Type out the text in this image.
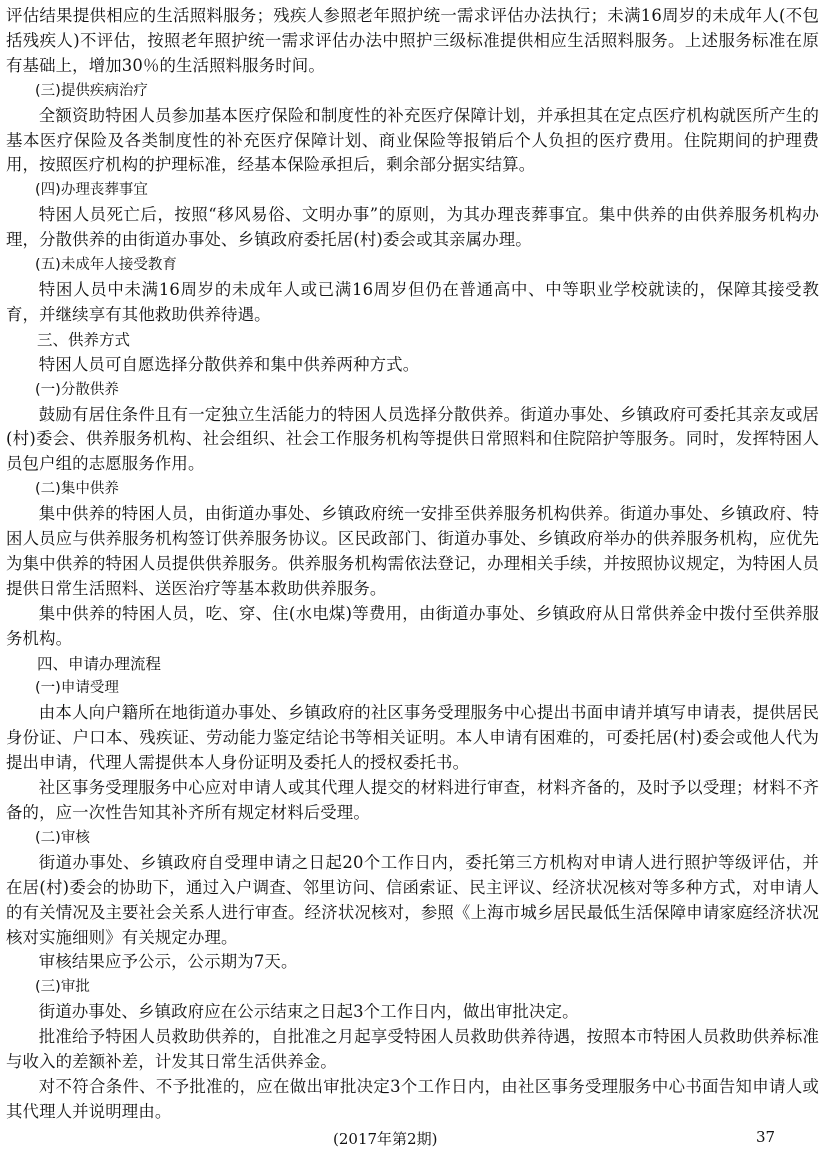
评估结果提供相应的生活照料服务；残疾人参照老年照护统一需求评估办法执行；未满16周岁的未成年人(不包括残疾人)不评估，按照老年照护统一需求评估办法中照护三级标准提供相应生活照料服务。上述服务标准在原有基础上，增加30％的生活照料服务时间。

(三)提供疾病治疗

全额资助特困人员参加基本医疗保险和制度性的补充医疗保障计划，并承担其在定点医疗机构就医所产生的基本医疗保险及各类制度性的补充医疗保障计划、商业保险等报销后个人负担的医疗费用。住院期间的护理费用，按照医疗机构的护理标准，经基本保险承担后，剩余部分据实结算。

(四)办理丧葬事宜

特困人员死亡后，按照“移风易俗、文明办事”的原则，为其办理丧葬事宜。集中供养的由供养服务机构办理，分散供养的由街道办事处、乡镇政府委托居(村)委会或其亲属办理。

(五)未成年人接受教育

特困人员中未满16周岁的未成年人或已满16周岁但仍在普通高中、中等职业学校就读的，保障其接受教育，并继续享有其他救助供养待遇。

三、供养方式

特困人员可自愿选择分散供养和集中供养两种方式。

(一)分散供养

鼓励有居住条件且有一定独立生活能力的特困人员选择分散供养。街道办事处、乡镇政府可委托其亲友或居(村)委会、供养服务机构、社会组织、社会工作服务机构等提供日常照料和住院陪护等服务。同时，发挥特困人员包户组的志愿服务作用。

(二)集中供养

集中供养的特困人员，由街道办事处、乡镇政府统一安排至供养服务机构供养。街道办事处、乡镇政府、特困人员应与供养服务机构签订供养服务协议。区民政部门、街道办事处、乡镇政府举办的供养服务机构，应优先为集中供养的特困人员提供供养服务。供养服务机构需依法登记，办理相关手续，并按照协议规定，为特困人员提供日常生活照料、送医治疗等基本救助供养服务。

集中供养的特困人员，吃、穿、住(水电煤)等费用，由街道办事处、乡镇政府从日常供养金中拨付至供养服务机构。

四、申请办理流程

(一)申请受理

由本人向户籍所在地街道办事处、乡镇政府的社区事务受理服务中心提出书面申请并填写申请表，提供居民身份证、户口本、残疾证、劳动能力鉴定结论书等相关证明。本人申请有困难的，可委托居(村)委会或他人代为提出申请，代理人需提供本人身份证明及委托人的授权委托书。

社区事务受理服务中心应对申请人或其代理人提交的材料进行审查，材料齐备的，及时予以受理；材料不齐备的，应一次性告知其补齐所有规定材料后受理。

(二)审核

街道办事处、乡镇政府自受理申请之日起20个工作日内，委托第三方机构对申请人进行照护等级评估，并在居(村)委会的协助下，通过入户调查、邻里访问、信函索证、民主评议、经济状况核对等多种方式，对申请人的有关情况及主要社会关系人进行审查。经济状况核对，参照《上海市城乡居民最低生活保障申请家庭经济状况核对实施细则》有关规定办理。

审核结果应予公示，公示期为7天。

(三)审批

街道办事处、乡镇政府应在公示结束之日起3个工作日内，做出审批决定。

批准给予特困人员救助供养的，自批准之月起享受特困人员救助供养待遇，按照本市特困人员救助供养标准与收入的差额补差，计发其日常生活供养金。

对不符合条件、不予批准的，应在做出审批决定3个工作日内，由社区事务受理服务中心书面告知申请人或其代理人并说明理由。

(2017年第2期)	37
